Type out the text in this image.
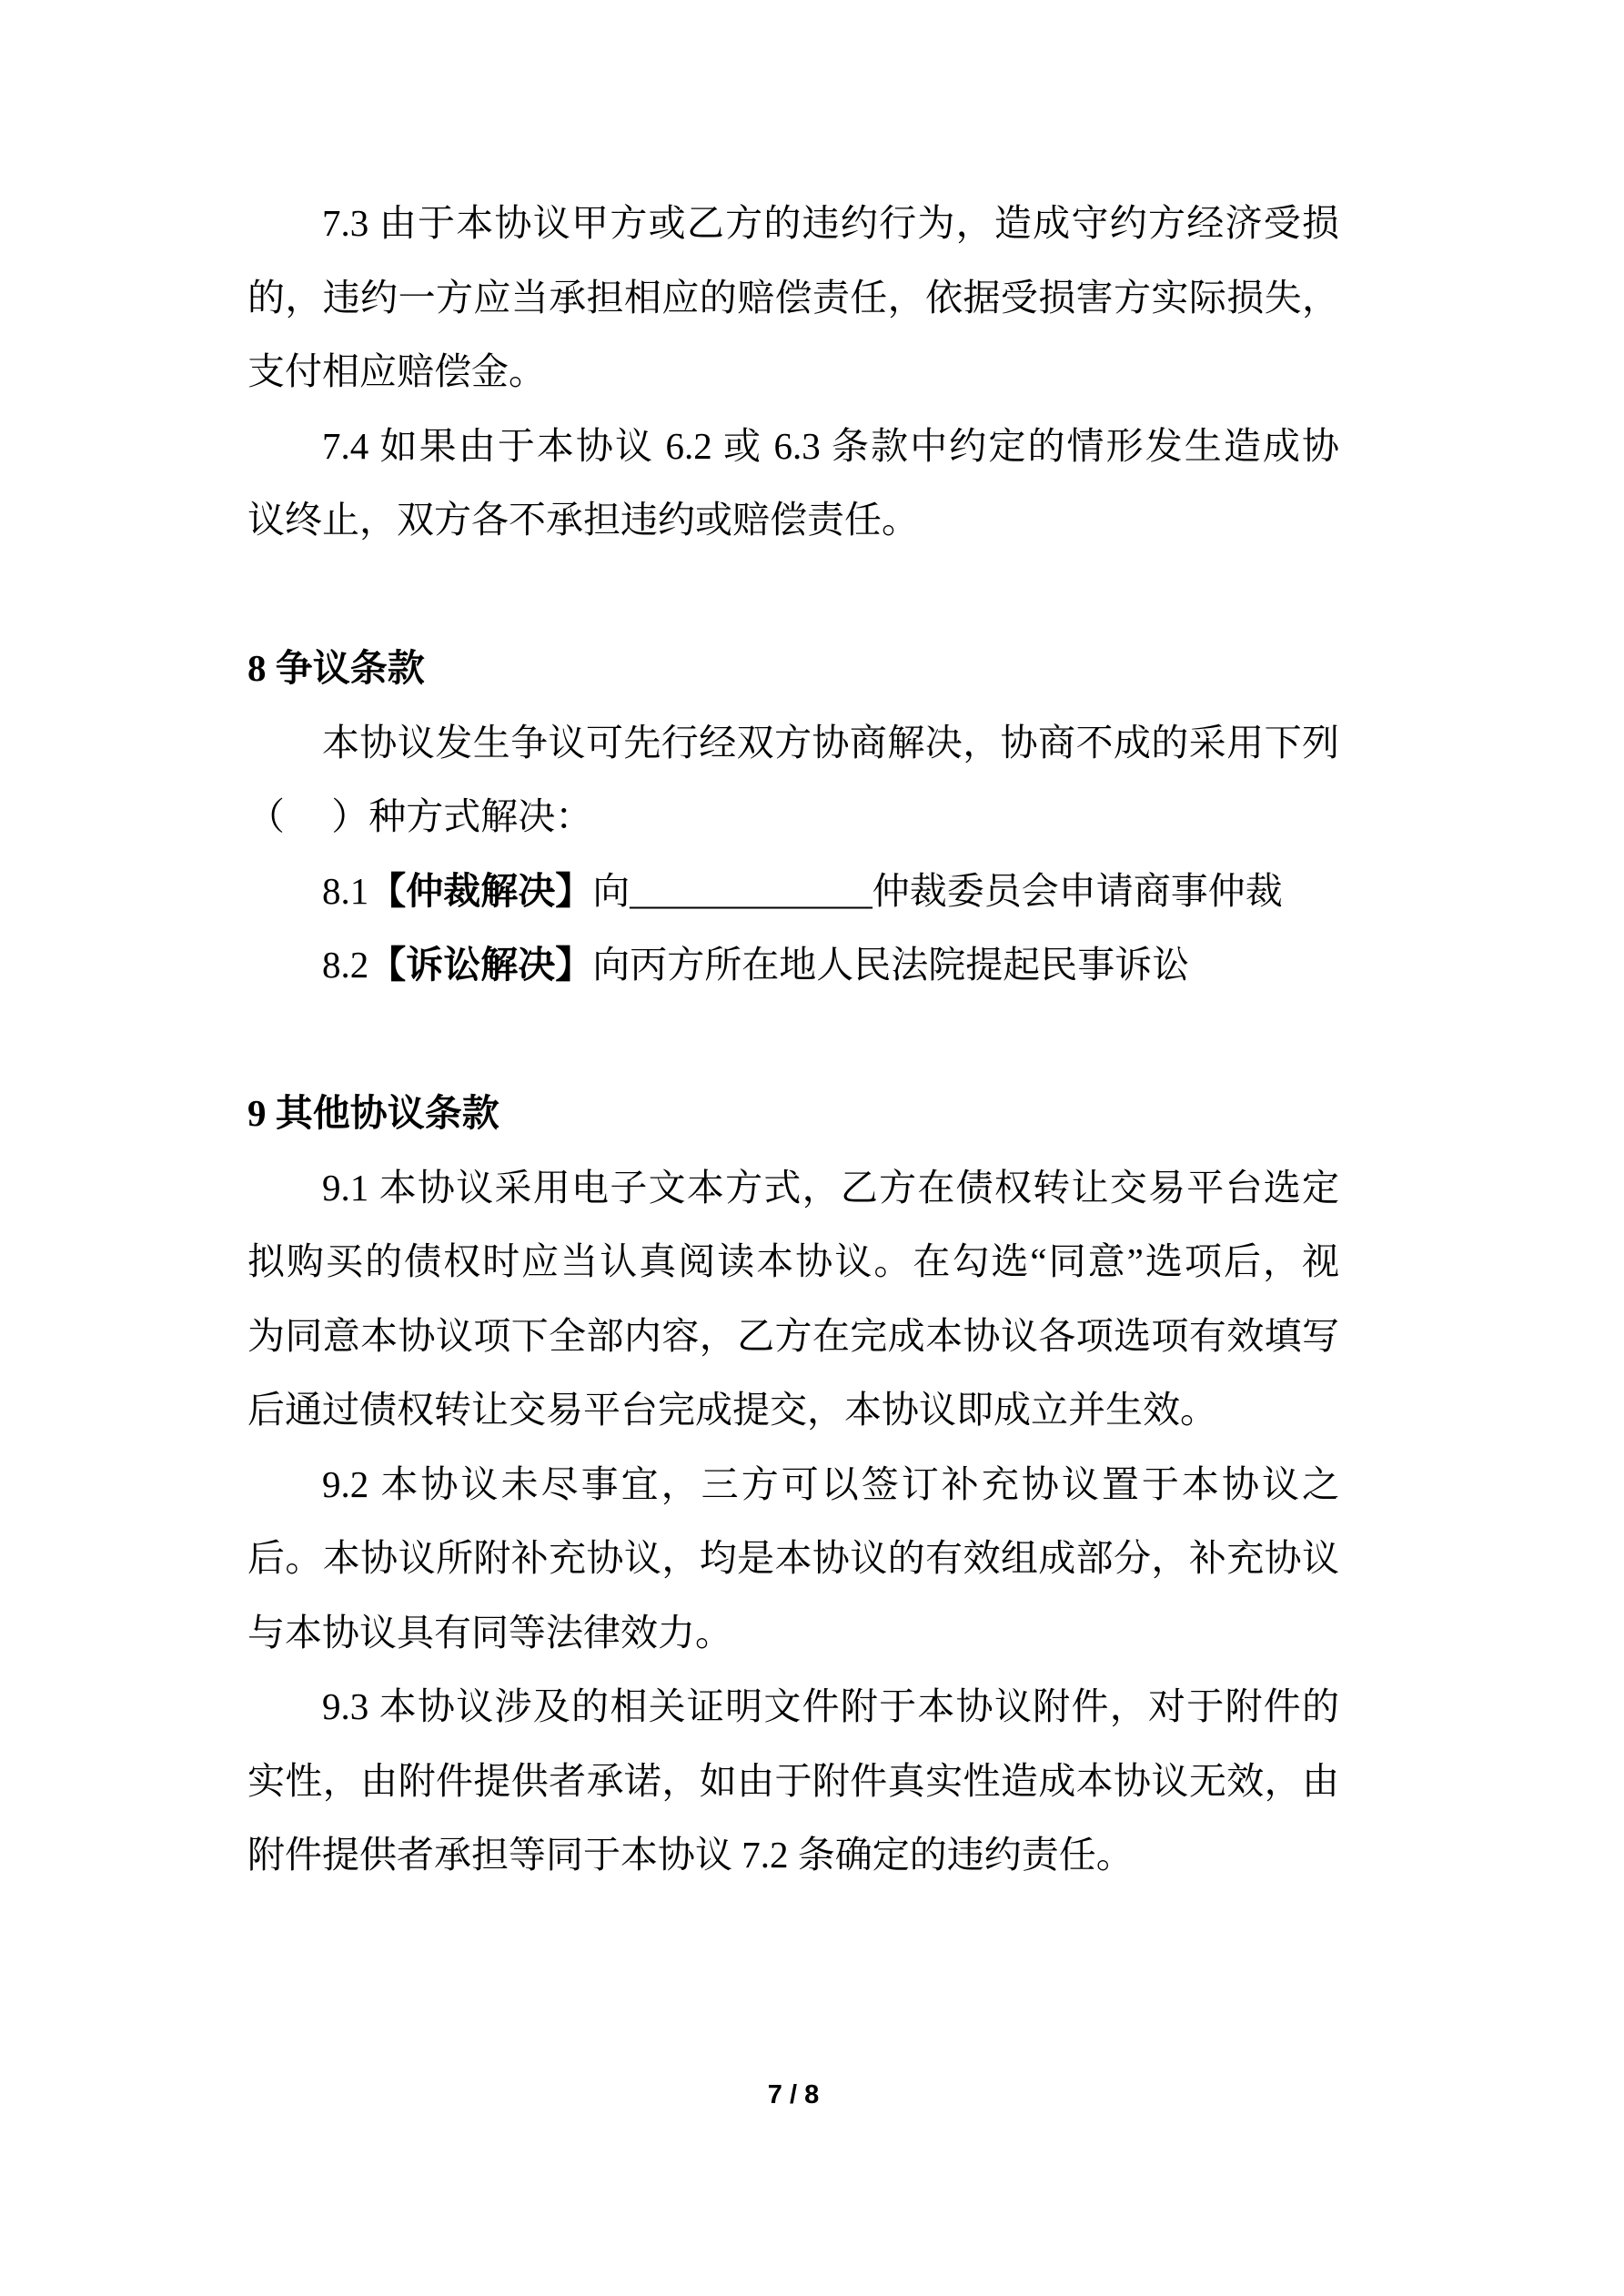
7.3 由于本协议甲方或乙方的违约行为，造成守约方经济受损
的，违约一方应当承担相应的赔偿责任，依据受损害方实际损失，
支付相应赔偿金。
7.4 如果由于本协议 6.2 或 6.3 条款中约定的情形发生造成协
议终止，双方各不承担违约或赔偿责任。

8 争议条款
本协议发生争议可先行经双方协商解决，协商不成的采用下列
（　 ）种方式解决：
8.1【仲裁解决】向_____________仲裁委员会申请商事仲裁
8.2【诉讼解决】向丙方所在地人民法院提起民事诉讼

9 其他协议条款
9.1 本协议采用电子文本方式，乙方在债权转让交易平台选定
拟购买的债权时应当认真阅读本协议。在勾选“同意”选项后，视
为同意本协议项下全部内容，乙方在完成本协议各项选项有效填写
后通过债权转让交易平台完成提交，本协议即成立并生效。
9.2 本协议未尽事宜，三方可以签订补充协议置于本协议之
后。本协议所附补充协议，均是本协议的有效组成部分，补充协议
与本协议具有同等法律效力。
9.3 本协议涉及的相关证明文件附于本协议附件，对于附件的
实性，由附件提供者承诺，如由于附件真实性造成本协议无效，由
附件提供者承担等同于本协议 7.2 条确定的违约责任。
7 / 8
